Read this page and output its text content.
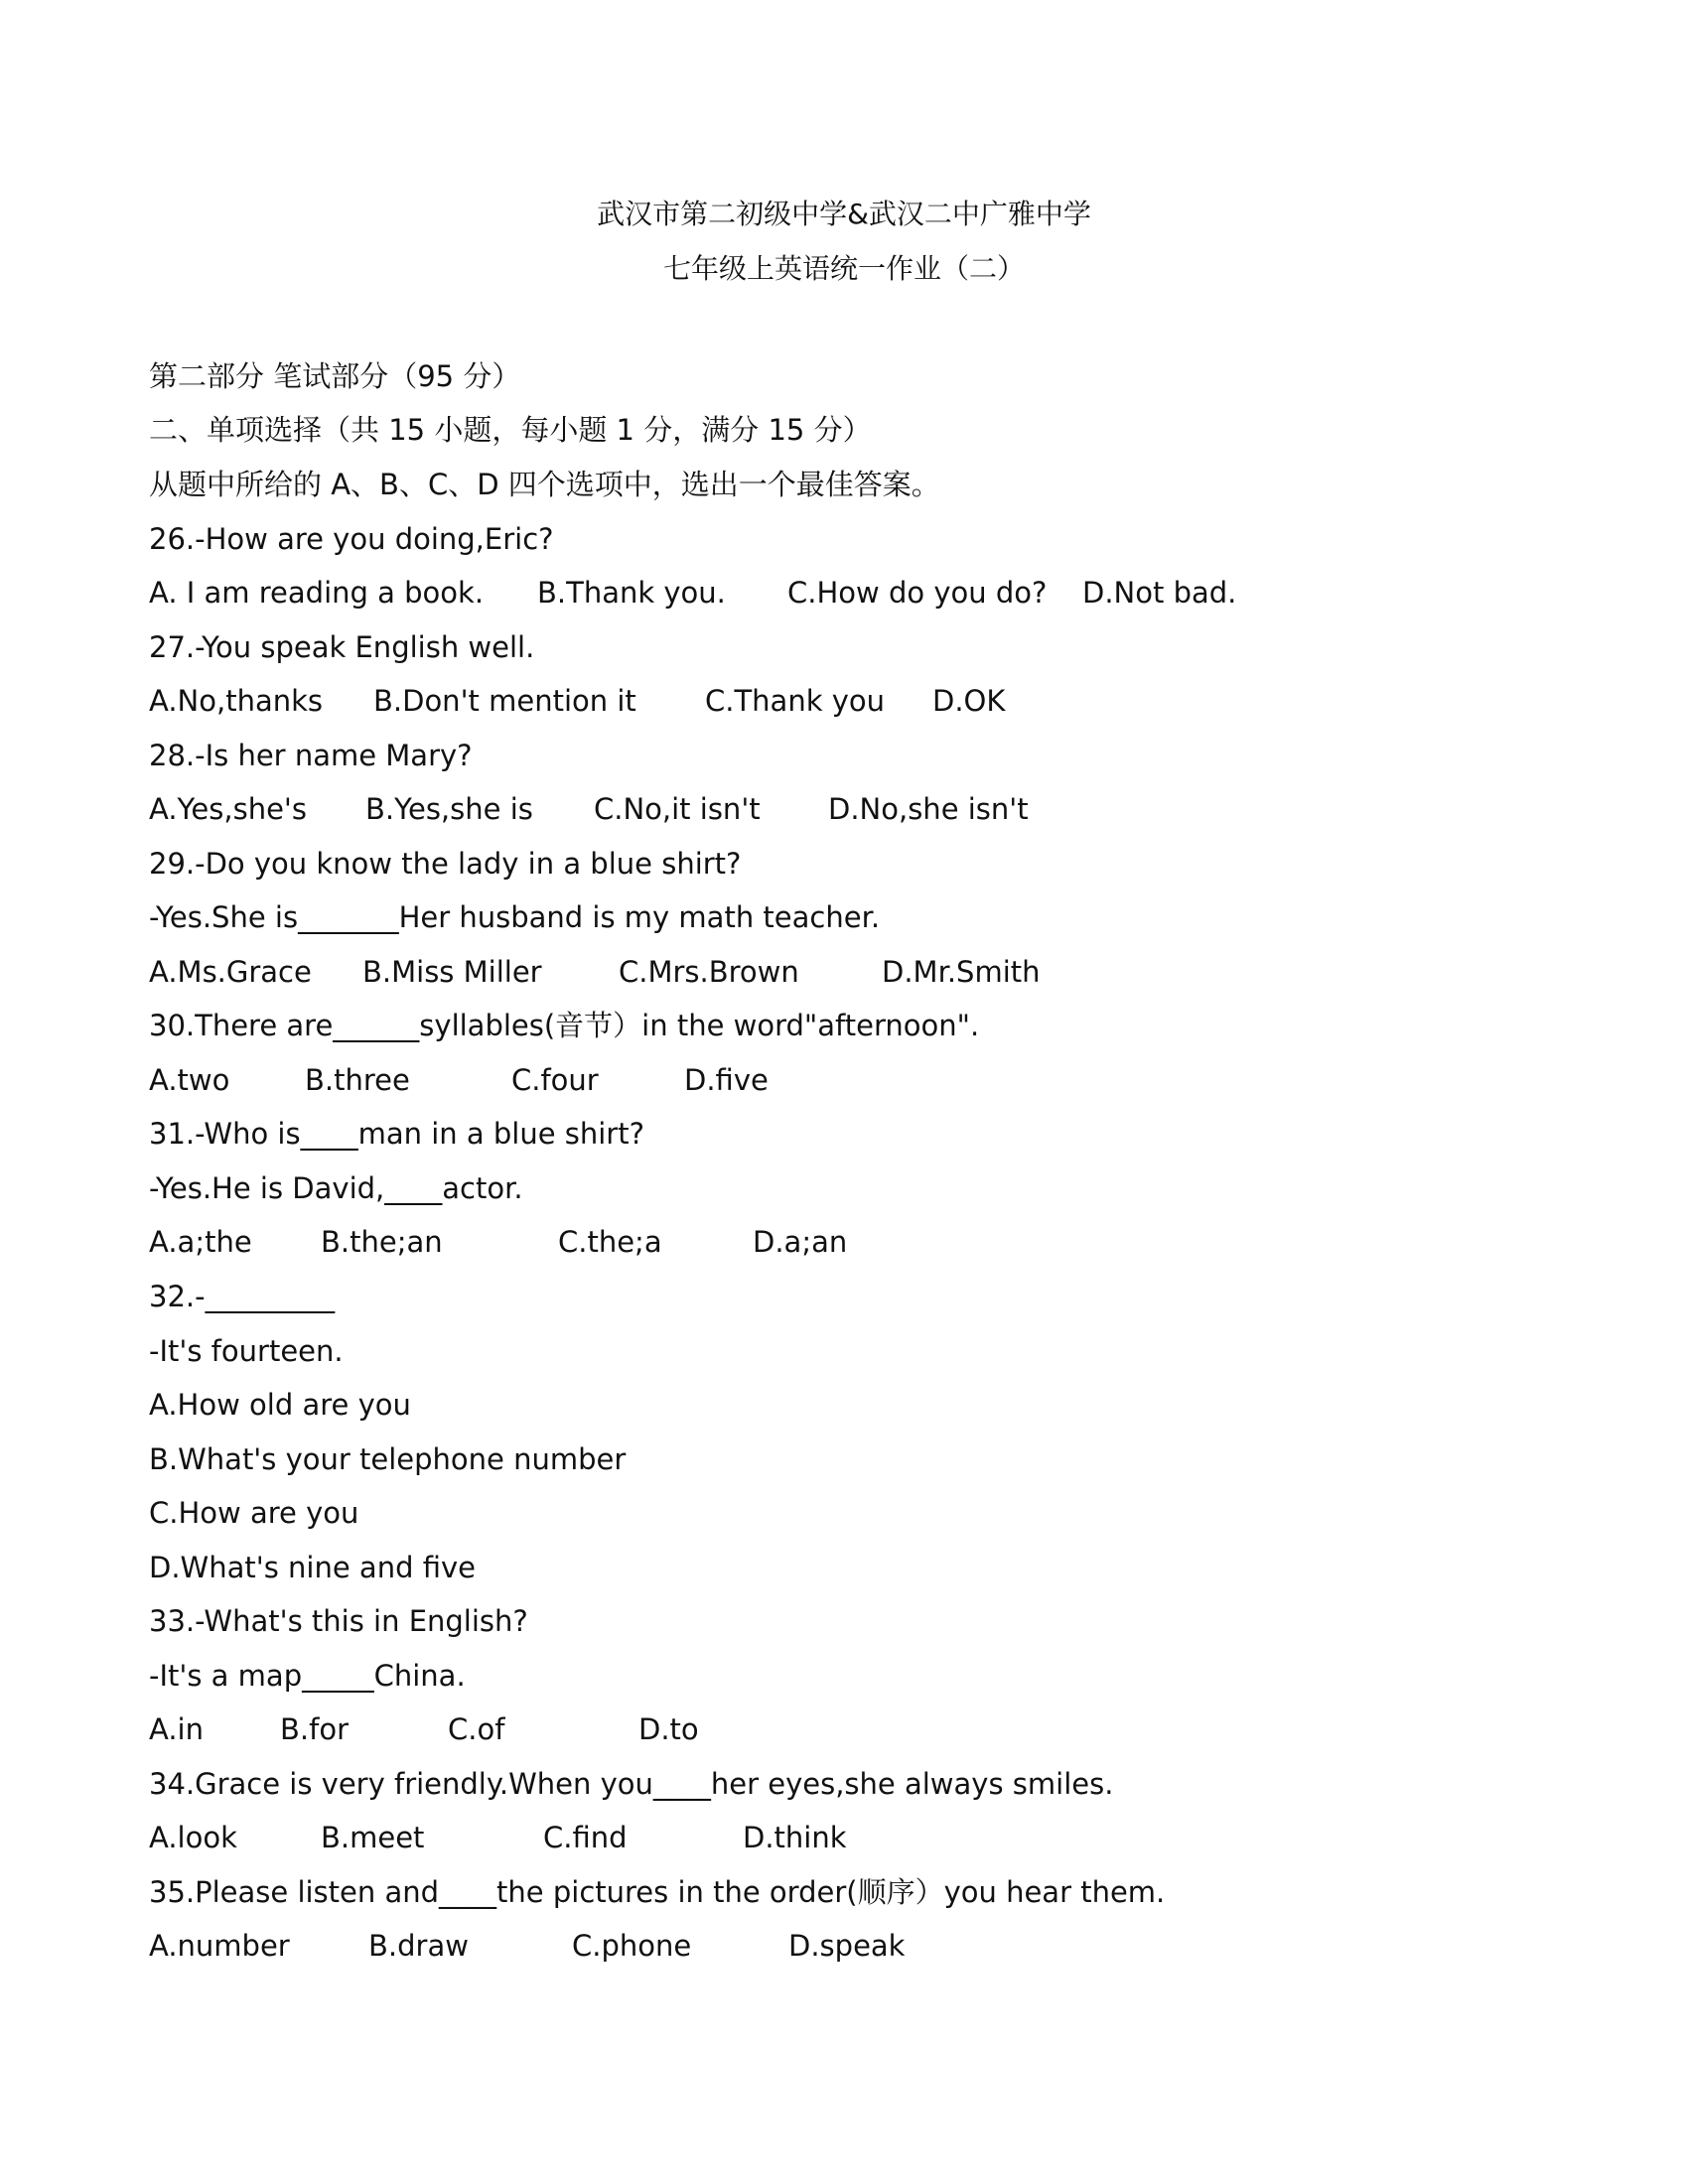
武汉市第二初级中学&武汉二中广雅中学
七年级上英语统一作业（二）
第二部分 笔试部分（95 分）
二、单项选择（共 15 小题，每小题 1 分，满分 15 分）
从题中所给的 A、B、C、D 四个选项中，选出一个最佳答案。
26.-How are you doing,Eric?
A. I am reading a book. B.Thank you. C.How do you do? D.Not bad.
27.-You speak English well.
A.No,thanks B.Don't mention it C.Thank you D.OK
28.-Is her name Mary?
A.Yes,she's B.Yes,she is C.No,it isn't D.No,she isn't
29.-Do you know the lady in a blue shirt?
-Yes.She is_______Her husband is my math teacher.
A.Ms.Grace B.Miss Miller	C.Mrs.Brown	D.Mr.Smith
30.There are______syllables(音节）in the word"afternoon".
A.two	B.three	C.four	D.five
31.-Who is____man in a blue shirt?
-Yes.He is David,____actor.
A.a;the B.the;an	C.the;a	D.a;an
32.-_________
-It's fourteen.
A.How old are you
B.What's your telephone number
C.How are you
D.What's nine and five
33.-What's this in English?
-It's a map_____China.
A.in	B.for	C.of	D.to
34.Grace is very friendly.When you____her eyes,she always smiles.
A.look	B.meet	C.find	D.think
35.Please listen and____the pictures in the order(顺序）you hear them.
A.number	B.draw	C.phone	D.speak
